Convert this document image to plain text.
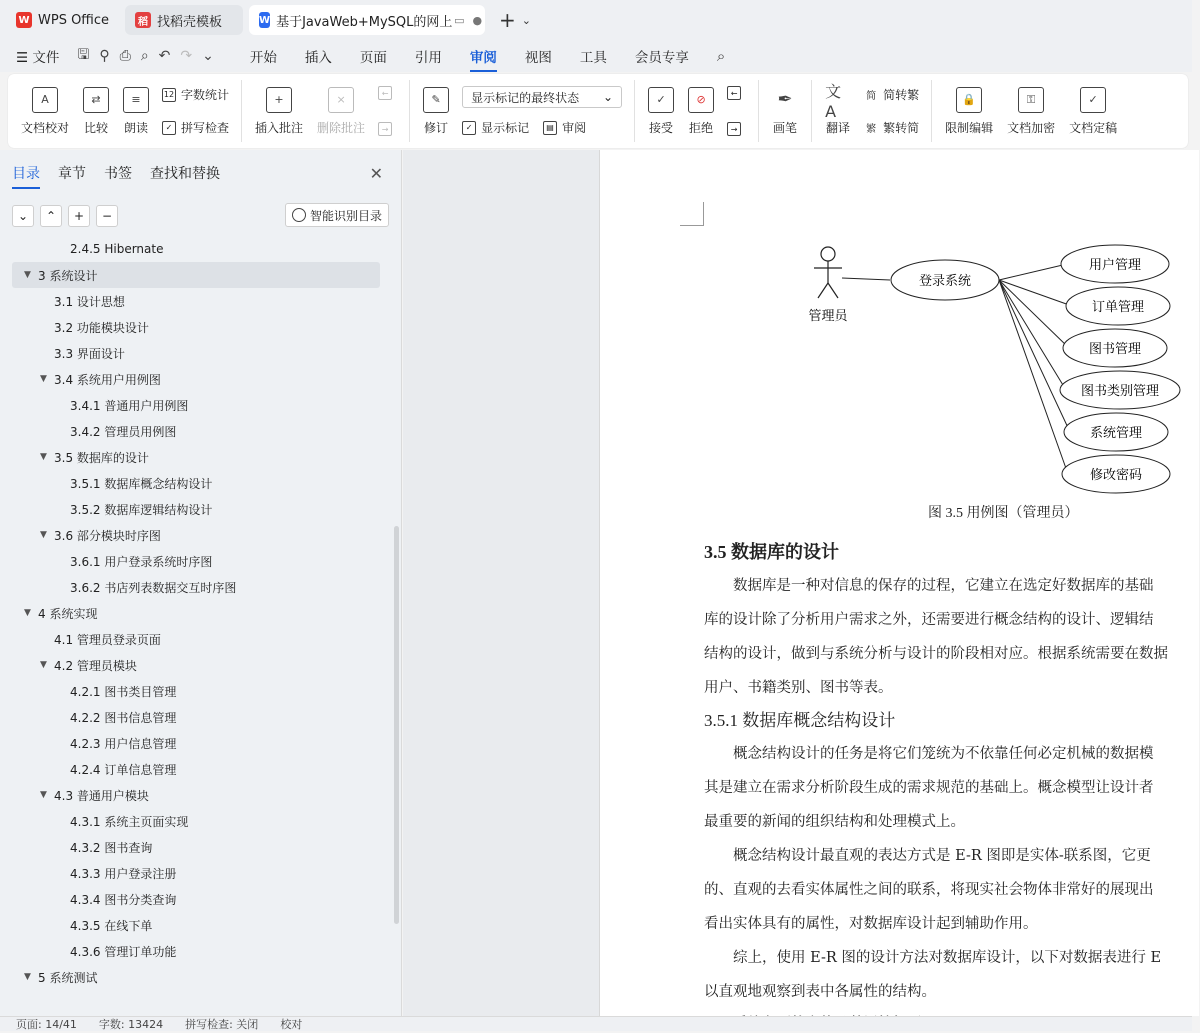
W WPS Office	稻 找稻壳模板	W 基于JavaWeb+MySQL的网上 ▭ ● + ⌄
☰ 文件 🖫 ⚲ ⎙ ⌕ ↶ ↷ ⌄	开始 插入 页面 引用 审阅 视图 工具 会员专享 ⌕
A
文档校对
⇄
比较
≡
朗读
12 字数统计
✓ 拼写检查
+
插入批注
×
删除批注
←
→
✎
修订
显示标记的最终状态 ⌄
✓ 显示标记	▤ 审阅
✓
接受
⊘
拒绝
←
→
✒
画笔
文A
翻译
简 简转繁
繁 繁转简
🔒
限制编辑
⚿
文档加密
✓
文档定稿
目录 章节 书签 查找和替换	✕
⌄	⌃	+	−	智能识别目录
2.4.5 Hibernate
▼ 3 系统设计
3.1 设计思想
3.2 功能模块设计
3.3 界面设计
▼ 3.4 系统用户用例图
3.4.1 普通用户用例图
3.4.2 管理员用例图
▼ 3.5 数据库的设计
3.5.1 数据库概念结构设计
3.5.2 数据库逻辑结构设计
▼ 3.6 部分模块时序图
3.6.1 用户登录系统时序图
3.6.2 书店列表数据交互时序图
▼ 4 系统实现
4.1 管理员登录页面
▼ 4.2 管理员模块
4.2.1 图书类目管理
4.2.2 图书信息管理
4.2.3 用户信息管理
4.2.4 订单信息管理
▼ 4.3 普通用户模块
4.3.1 系统主页面实现
4.3.2 图书查询
4.3.3 用户登录注册
4.3.4 图书分类查询
4.3.5 在线下单
4.3.6 管理订单功能
▼ 5 系统测试
管理员
登录系统
用户管理
订单管理
图书管理
图书类别管理
系统管理
修改密码
图 3.5 用例图（管理员）
3.5 数据库的设计
　　数据库是一种对信息的保存的过程，它建立在选定好数据库的基础
库的设计除了分析用户需求之外，还需要进行概念结构的设计、逻辑结
结构的设计，做到与系统分析与设计的阶段相对应。根据系统需要在数据
用户、书籍类别、图书等表。
3.5.1 数据库概念结构设计
　　概念结构设计的任务是将它们笼统为不依靠任何必定机械的数据模
其是建立在需求分析阶段生成的需求规范的基础上。概念模型让设计者
最重要的新闻的组织结构和处理模式上。
　　概念结构设计最直观的表达方式是 E-R 图即是实体-联系图，它更
的、直观的去看实体属性之间的联系，将现实社会物体非常好的展现出
看出实体具有的属性，对数据库设计起到辅助作用。
　　综上，使用 E-R 图的设计方法对数据库设计，以下对数据表进行 E
以直观地观察到表中各属性的结构。
页面: 14/41 字数: 13424 拼写检查: 关闭 校对
